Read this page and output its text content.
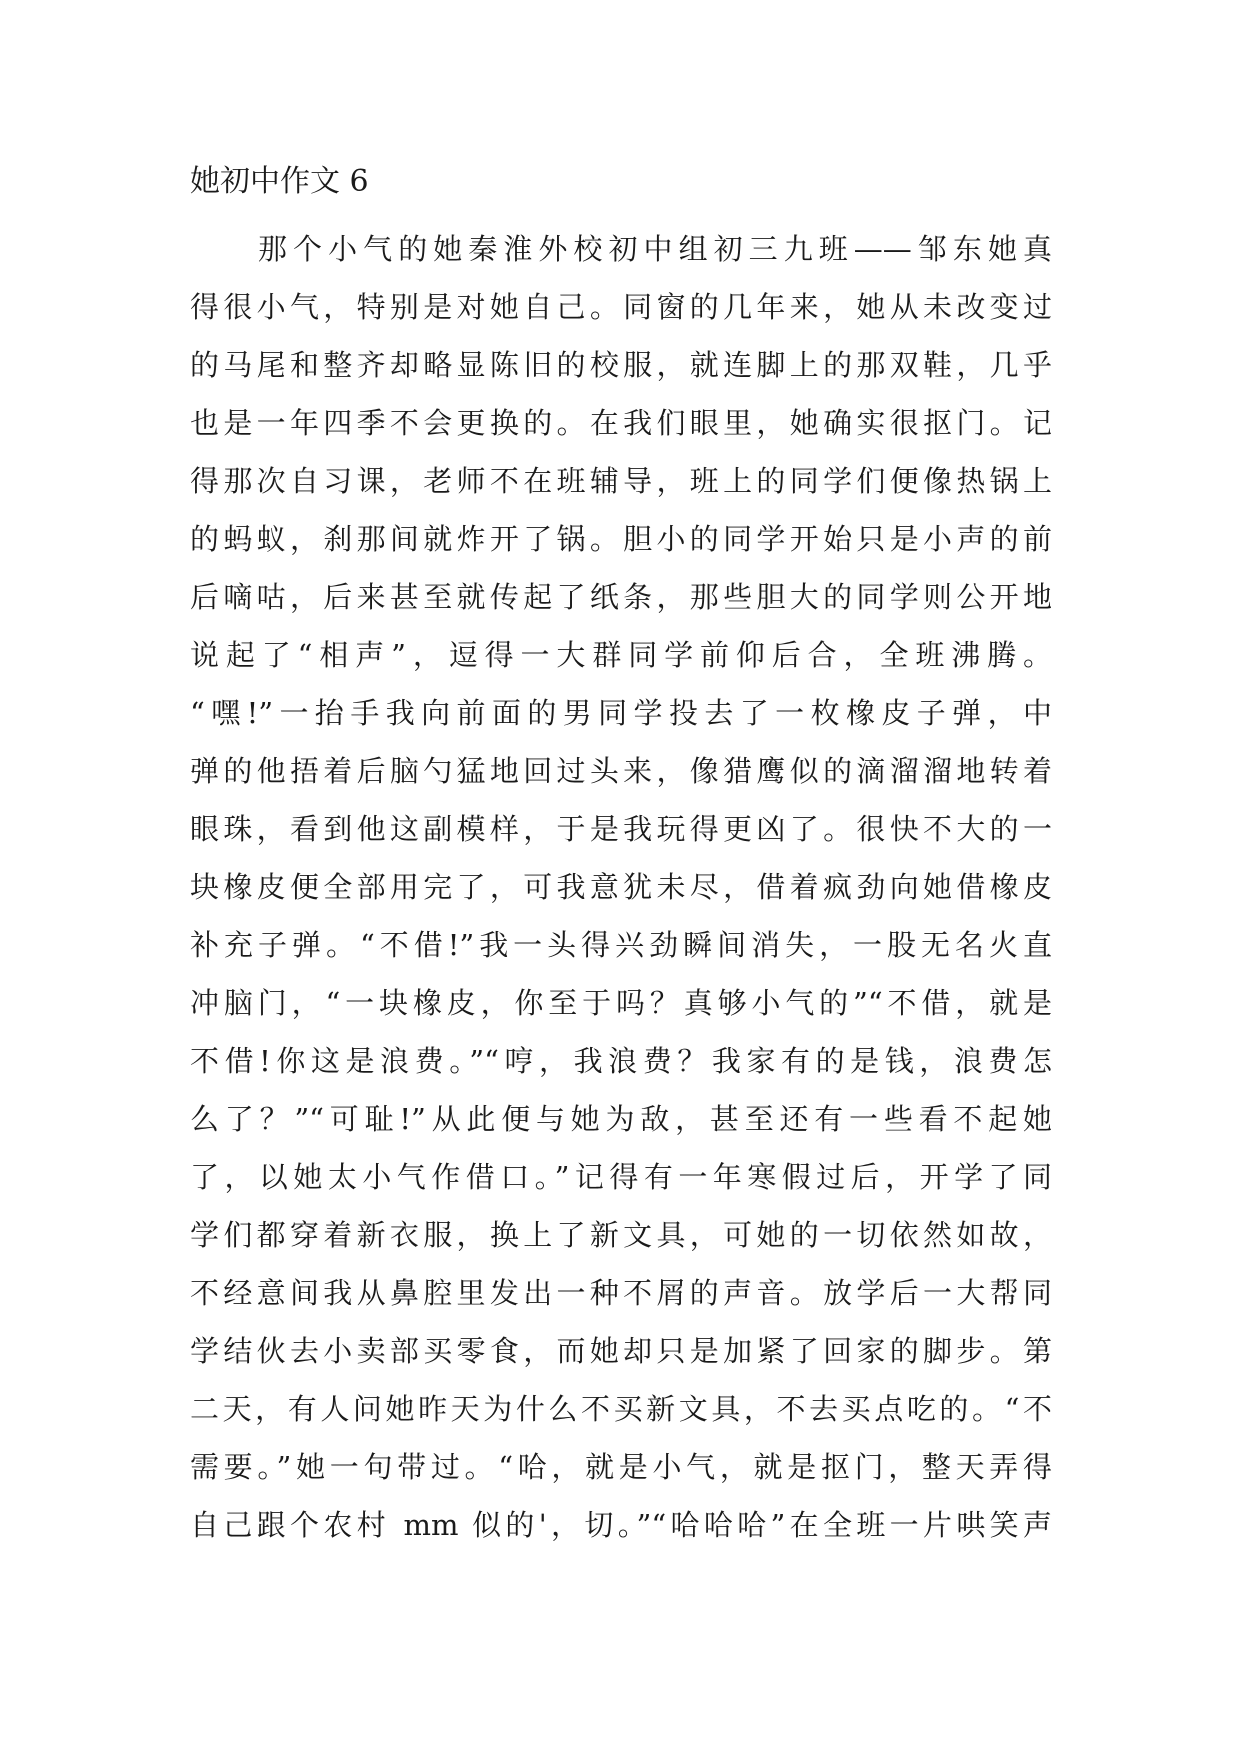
她初中作文 6
那个小气的她秦淮外校初中组初三九班——邹东她真
得很小气，特别是对她自己。同窗的几年来，她从未改变过
的马尾和整齐却略显陈旧的校服，就连脚上的那双鞋，几乎
也是一年四季不会更换的。在我们眼里，她确实很抠门。记
得那次自习课，老师不在班辅导，班上的同学们便像热锅上
的蚂蚁，刹那间就炸开了锅。胆小的同学开始只是小声的前
后嘀咕，后来甚至就传起了纸条，那些胆大的同学则公开地
说起了“相声”，逗得一大群同学前仰后合，全班沸腾。
“嘿!”一抬手我向前面的男同学投去了一枚橡皮子弹，中
弹的他捂着后脑勺猛地回过头来，像猎鹰似的滴溜溜地转着
眼珠，看到他这副模样，于是我玩得更凶了。很快不大的一
块橡皮便全部用完了，可我意犹未尽，借着疯劲向她借橡皮
补充子弹。“不借!”我一头得兴劲瞬间消失，一股无名火直
冲脑门，“一块橡皮，你至于吗？真够小气的”“不借，就是
不借!你这是浪费。”“哼，我浪费？我家有的是钱，浪费怎
么了？”“可耻!”从此便与她为敌，甚至还有一些看不起她
了，以她太小气作借口。”记得有一年寒假过后，开学了同
学们都穿着新衣服，换上了新文具，可她的一切依然如故，
不经意间我从鼻腔里发出一种不屑的声音。放学后一大帮同
学结伙去小卖部买零食，而她却只是加紧了回家的脚步。第
二天，有人问她昨天为什么不买新文具，不去买点吃的。“不
需要。”她一句带过。“哈，就是小气，就是抠门，整天弄得
自己跟个农村 mm 似的'，切。”“哈哈哈”在全班一片哄笑声
